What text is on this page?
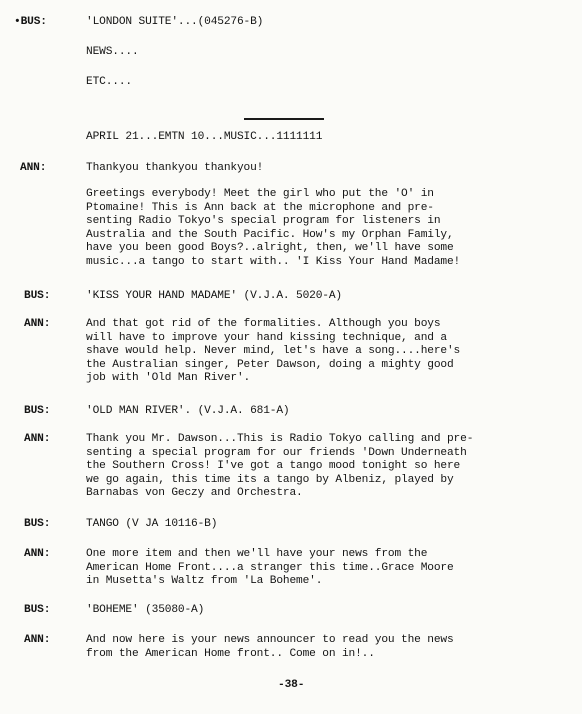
•BUS:	'LONDON SUITE'...(045276-B)
NEWS....
ETC....
APRIL 21...EMTN 10...MUSIC...1111111
ANN:	Thankyou thankyou thankyou!
Greetings everybody! Meet the girl who put the 'O' in
Ptomaine! This is Ann back at the microphone and pre-
senting Radio Tokyo's special program for listeners in
Australia and the South Pacific. How's my Orphan Family,
have you been good Boys?..alright, then, we'll have some
music...a tango to start with.. 'I Kiss Your Hand Madame!
BUS:	'KISS YOUR HAND MADAME' (V.J.A. 5020-A)
ANN:	And that got rid of the formalities. Although you boys
will have to improve your hand kissing technique, and a
shave would help. Never mind, let's have a song....here's
the Australian singer, Peter Dawson, doing a mighty good
job with 'Old Man River'.
BUS:	'OLD MAN RIVER'. (V.J.A. 681-A)
ANN:	Thank you Mr. Dawson...This is Radio Tokyo calling and pre-
senting a special program for our friends 'Down Underneath
the Southern Cross! I've got a tango mood tonight so here
we go again, this time its a tango by Albeniz, played by
Barnabas von Geczy and Orchestra.
BUS:	TANGO (V JA 10116-B)
ANN:	One more item and then we'll have your news from the
American Home Front....a stranger this time..Grace Moore
in Musetta's Waltz from 'La Boheme'.
BUS:	'BOHEME' (35080-A)
ANN:	And now here is your news announcer to read you the news
from the American Home front.. Come on in!..
-38-
